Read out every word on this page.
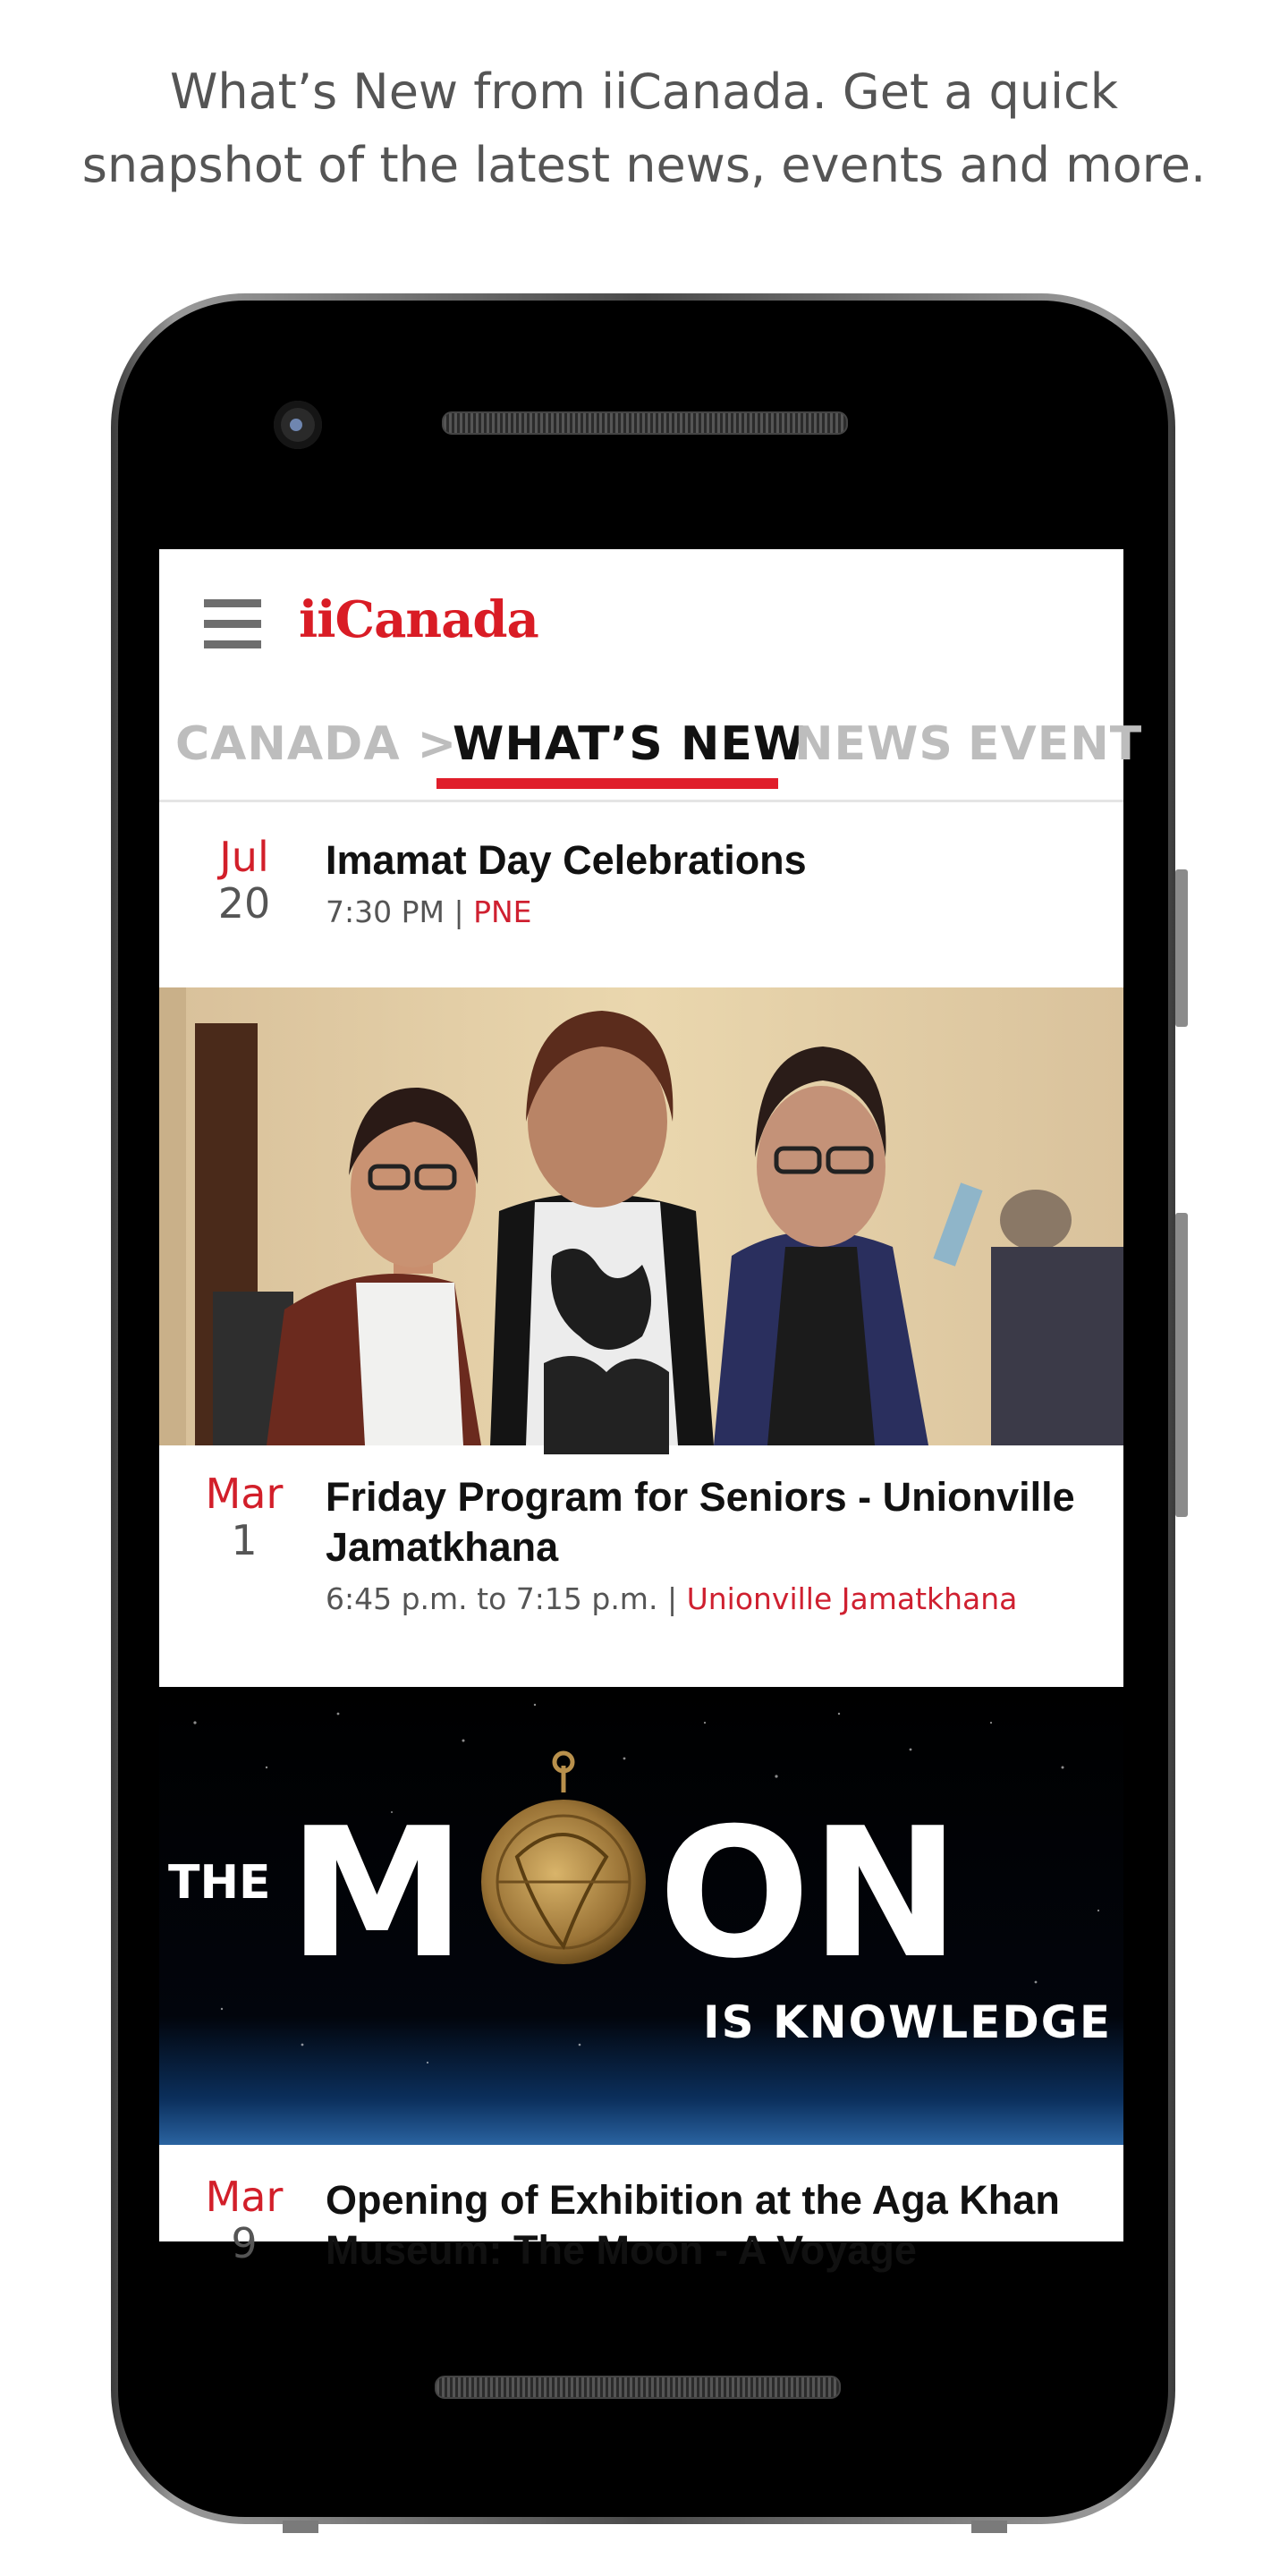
What’s New from iiCanada. Get a quick
snapshot of the latest news, events and more.
iiCanada
CANADA >
WHAT’S NEW
NEWS EVENT
Jul
20
Imamat Day Celebrations
7:30 PM | PNE
Mar
1
Friday Program for Seniors - Unionville Jamatkhana
6:45 p.m. to 7:15 p.m. | Unionville Jamatkhana
THE M ON
IS KNOWLEDGE
Mar
9
Opening of Exhibition at the Aga Khan Museum: The Moon - A Voyage
